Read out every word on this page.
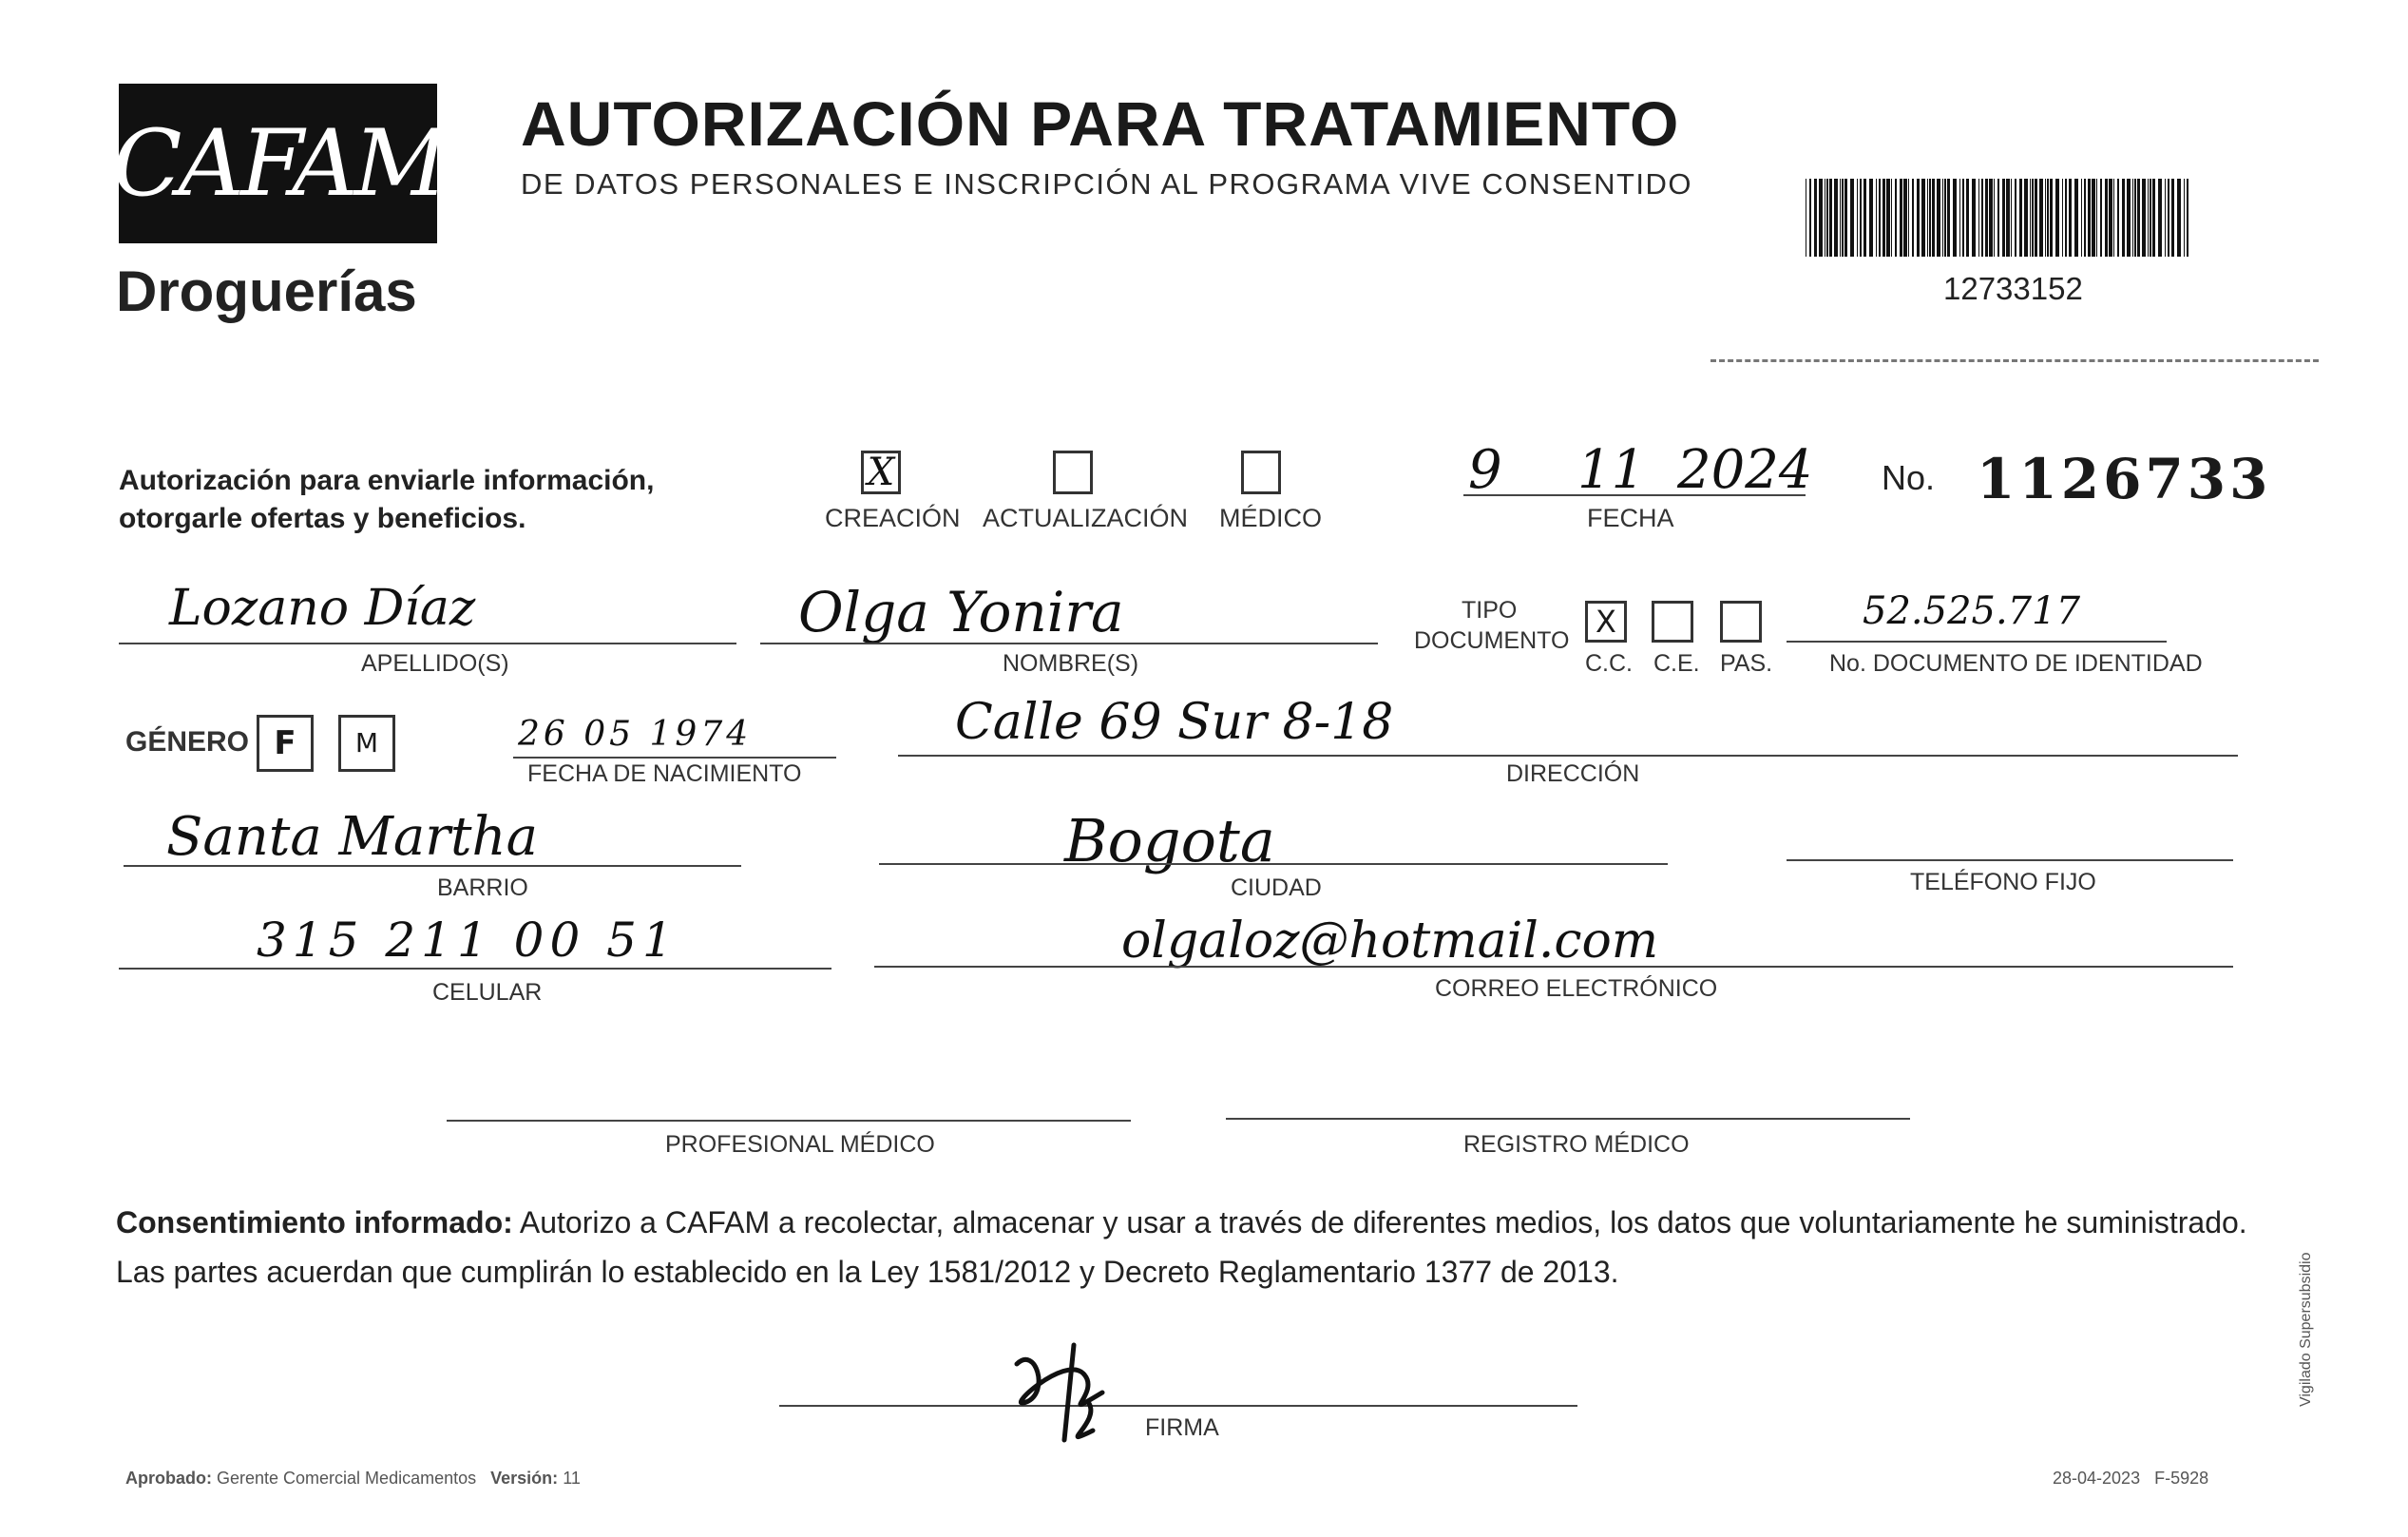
CAFAM
Droguerías
AUTORIZACIÓN PARA TRATAMIENTO
DE DATOS PERSONALES E INSCRIPCIÓN AL PROGRAMA VIVE CONSENTIDO
12733152
Autorización para enviarle información,
otorgarle ofertas y beneficios.
X
CREACIÓN ACTUALIZACIÓN MÉDICO
9 11 2024
FECHA
No. 1126733
Lozano Díaz
APELLIDO(S)
Olga Yonira
NOMBRE(S)
TIPO
DOCUMENTO
X
C.C. C.E. PAS.
52.525.717
No. DOCUMENTO DE IDENTIDAD
GÉNERO F	M	26 05 1974
FECHA DE NACIMIENTO
Calle 69 Sur 8-18
DIRECCIÓN
Santa Martha
BARRIO
Bogota
CIUDAD	TELÉFONO FIJO
315 211 00 51
CELULAR
olgaloz@hotmail.com
CORREO ELECTRÓNICO
PROFESIONAL MÉDICO	REGISTRO MÉDICO
Consentimiento informado: Autorizo a CAFAM a recolectar, almacenar y usar a través de diferentes medios, los datos que voluntariamente he suministrado.
Las partes acuerdan que cumplirán lo establecido en la Ley 1581/2012 y Decreto Reglamentario 1377 de 2013.
FIRMA
Aprobado: Gerente Comercial Medicamentos Versión: 11	28-04-2023 F-5928
Vigilado Supersubsidio
